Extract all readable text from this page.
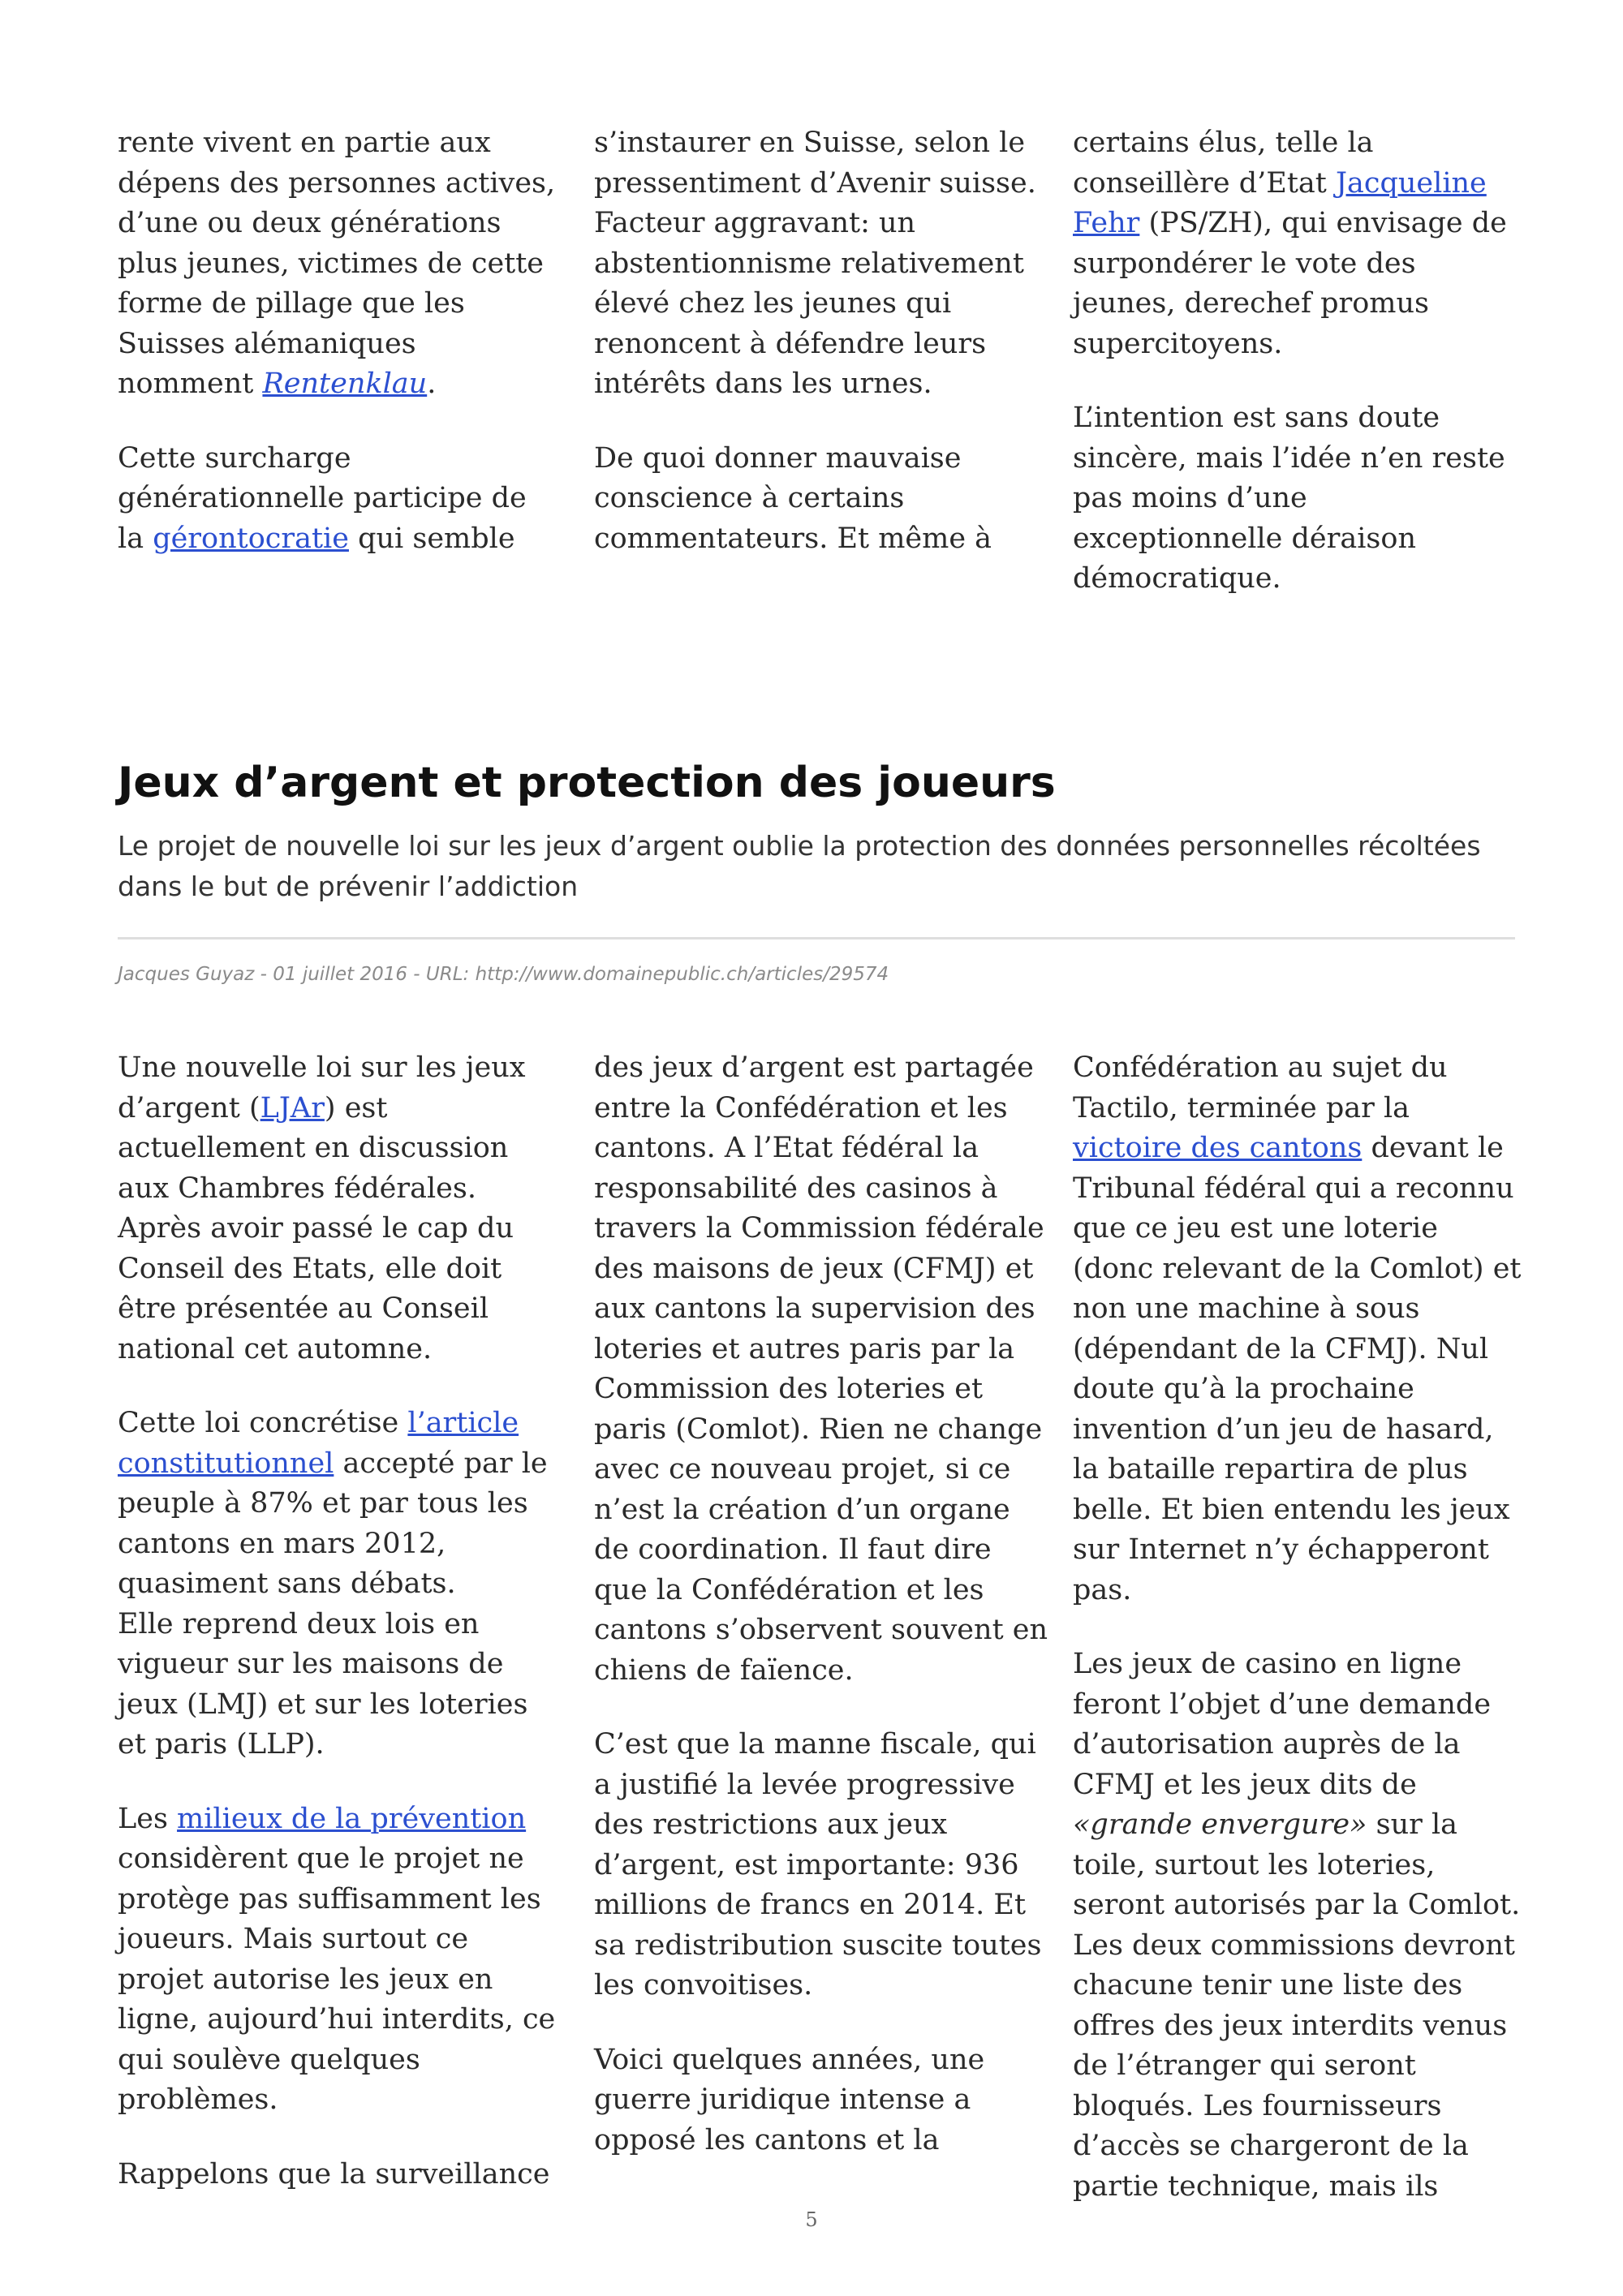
rente vivent en partie aux dépens des personnes actives, d’une ou deux générations plus jeunes, victimes de cette forme de pillage que les Suisses alémaniques nomment Rentenklau.

Cette surcharge générationnelle participe de la gérontocratie qui semble

s’instaurer en Suisse, selon le pressentiment d’Avenir suisse. Facteur aggravant: un abstentionnisme relativement élevé chez les jeunes qui renoncent à défendre leurs intérêts dans les urnes.

De quoi donner mauvaise conscience à certains commentateurs. Et même à

certains élus, telle la conseillère d’Etat Jacqueline Fehr (PS/ZH), qui envisage de surpondérer le vote des jeunes, derechef promus supercitoyens.

L’intention est sans doute sincère, mais l’idée n’en reste pas moins d’une exceptionnelle déraison démocratique.

Jeux d’argent et protection des joueurs

Le projet de nouvelle loi sur les jeux d’argent oublie la protection des données personnelles récoltées dans le but de prévenir l’addiction

Jacques Guyaz - 01 juillet 2016 - URL: http://www.domainepublic.ch/articles/29574

Une nouvelle loi sur les jeux d’argent (LJAr) est actuellement en discussion aux Chambres fédérales. Après avoir passé le cap du Conseil des Etats, elle doit être présentée au Conseil national cet automne.

Cette loi concrétise l’article constitutionnel accepté par le peuple à 87% et par tous les cantons en mars 2012, quasiment sans débats.
Elle reprend deux lois en vigueur sur les maisons de jeux (LMJ) et sur les loteries et paris (LLP).

Les milieux de la prévention considèrent que le projet ne protège pas suffisamment les joueurs. Mais surtout ce projet autorise les jeux en ligne, aujourd’hui interdits, ce qui soulève quelques problèmes.

Rappelons que la surveillance

des jeux d’argent est partagée entre la Confédération et les cantons. A l’Etat fédéral la responsabilité des casinos à travers la Commission fédérale des maisons de jeux (CFMJ) et aux cantons la supervision des loteries et autres paris par la Commission des loteries et paris (Comlot). Rien ne change avec ce nouveau projet, si ce n’est la création d’un organe de coordination. Il faut dire que la Confédération et les cantons s’observent souvent en chiens de faïence.

C’est que la manne fiscale, qui a justifié la levée progressive des restrictions aux jeux d’argent, est importante: 936 millions de francs en 2014. Et sa redistribution suscite toutes les convoitises.

Voici quelques années, une guerre juridique intense a opposé les cantons et la

Confédération au sujet du Tactilo, terminée par la victoire des cantons devant le Tribunal fédéral qui a reconnu que ce jeu est une loterie (donc relevant de la Comlot) et non une machine à sous (dépendant de la CFMJ). Nul doute qu’à la prochaine invention d’un jeu de hasard, la bataille repartira de plus belle. Et bien entendu les jeux sur Internet n’y échapperont pas.

Les jeux de casino en ligne feront l’objet d’une demande d’autorisation auprès de la CFMJ et les jeux dits de «grande envergure» sur la toile, surtout les loteries, seront autorisés par la Comlot. Les deux commissions devront chacune tenir une liste des offres des jeux interdits venus de l’étranger qui seront bloqués. Les fournisseurs d’accès se chargeront de la partie technique, mais ils

5
